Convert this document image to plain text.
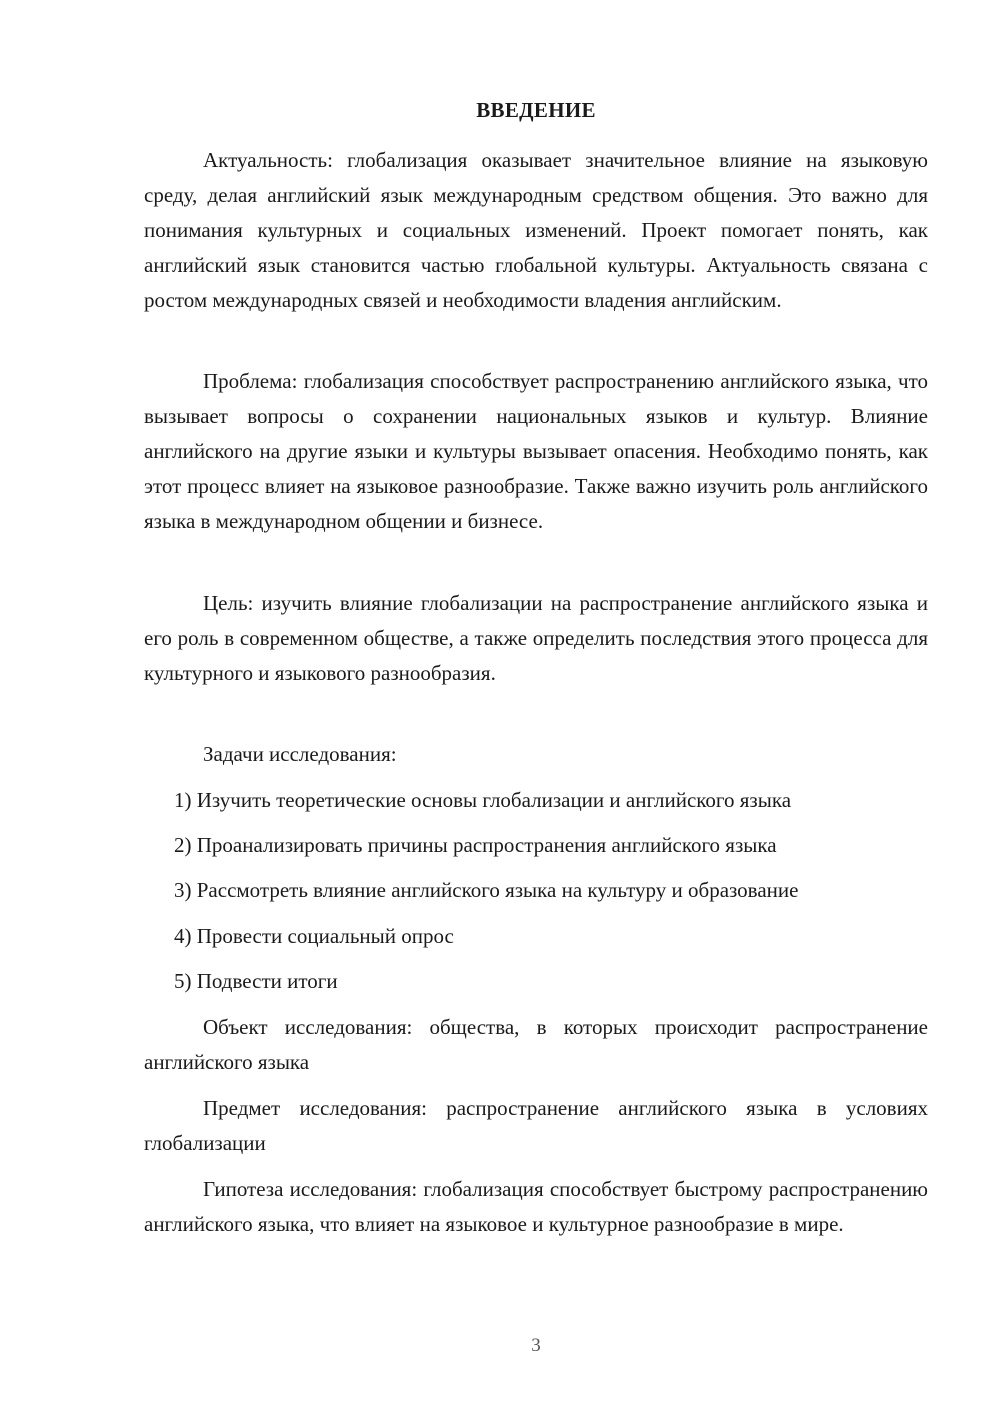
ВВЕДЕНИЕ

Актуальность: глобализация оказывает значительное влияние на языковую среду, делая английский язык международным средством общения. Это важно для понимания культурных и социальных изменений. Проект помогает понять, как английский язык становится частью глобальной культуры. Актуальность связана с ростом международных связей и необходимости владения английским.

Проблема: глобализация способствует распространению английского языка, что вызывает вопросы о сохранении национальных языков и культур. Влияние английского на другие языки и культуры вызывает опасения. Необходимо понять, как этот процесс влияет на языковое разнообразие. Также важно изучить роль английского языка в международном общении и бизнесе.

Цель: изучить влияние глобализации на распространение английского языка и его роль в современном обществе, а также определить последствия этого процесса для культурного и языкового разнообразия.

Задачи исследования:

1) Изучить теоретические основы глобализации и английского языка

2) Проанализировать причины распространения английского языка

3) Рассмотреть влияние английского языка на культуру и образование

4) Провести социальный опрос

5) Подвести итоги

Объект исследования: общества, в которых происходит распространение английского языка

Предмет исследования: распространение английского языка в условиях глобализации

Гипотеза исследования: глобализация способствует быстрому распространению английского языка, что влияет на языковое и культурное разнообразие в мире.

3
